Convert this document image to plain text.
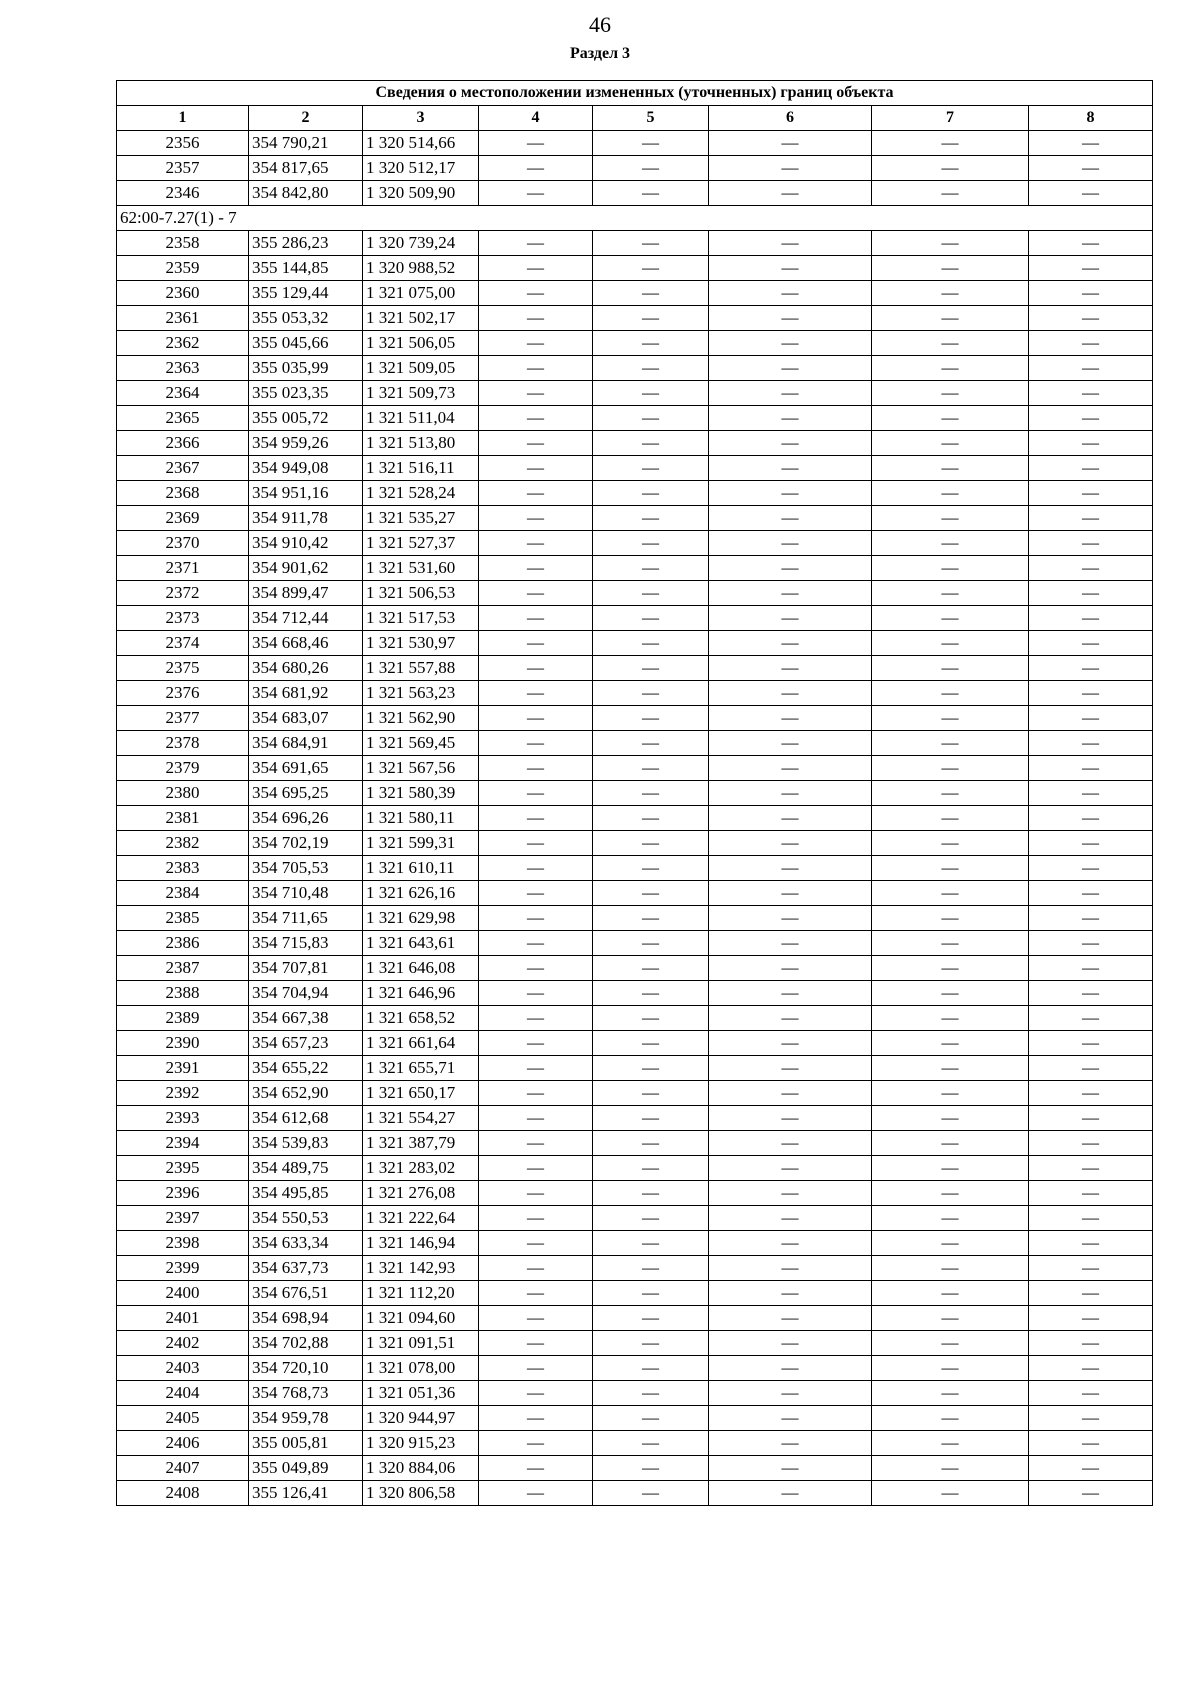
46
Раздел 3
Сведения о местоположении измененных (уточненных) границ объекта							
1	2	3	4	5	6	7	8
2356	354 790,21	1 320 514,66	—	—	—	—	—
2357	354 817,65	1 320 512,17	—	—	—	—	—
2346	354 842,80	1 320 509,90	—	—	—	—	—
62:00-7.27(1) - 7							
2358	355 286,23	1 320 739,24	—	—	—	—	—
2359	355 144,85	1 320 988,52	—	—	—	—	—
2360	355 129,44	1 321 075,00	—	—	—	—	—
2361	355 053,32	1 321 502,17	—	—	—	—	—
2362	355 045,66	1 321 506,05	—	—	—	—	—
2363	355 035,99	1 321 509,05	—	—	—	—	—
2364	355 023,35	1 321 509,73	—	—	—	—	—
2365	355 005,72	1 321 511,04	—	—	—	—	—
2366	354 959,26	1 321 513,80	—	—	—	—	—
2367	354 949,08	1 321 516,11	—	—	—	—	—
2368	354 951,16	1 321 528,24	—	—	—	—	—
2369	354 911,78	1 321 535,27	—	—	—	—	—
2370	354 910,42	1 321 527,37	—	—	—	—	—
2371	354 901,62	1 321 531,60	—	—	—	—	—
2372	354 899,47	1 321 506,53	—	—	—	—	—
2373	354 712,44	1 321 517,53	—	—	—	—	—
2374	354 668,46	1 321 530,97	—	—	—	—	—
2375	354 680,26	1 321 557,88	—	—	—	—	—
2376	354 681,92	1 321 563,23	—	—	—	—	—
2377	354 683,07	1 321 562,90	—	—	—	—	—
2378	354 684,91	1 321 569,45	—	—	—	—	—
2379	354 691,65	1 321 567,56	—	—	—	—	—
2380	354 695,25	1 321 580,39	—	—	—	—	—
2381	354 696,26	1 321 580,11	—	—	—	—	—
2382	354 702,19	1 321 599,31	—	—	—	—	—
2383	354 705,53	1 321 610,11	—	—	—	—	—
2384	354 710,48	1 321 626,16	—	—	—	—	—
2385	354 711,65	1 321 629,98	—	—	—	—	—
2386	354 715,83	1 321 643,61	—	—	—	—	—
2387	354 707,81	1 321 646,08	—	—	—	—	—
2388	354 704,94	1 321 646,96	—	—	—	—	—
2389	354 667,38	1 321 658,52	—	—	—	—	—
2390	354 657,23	1 321 661,64	—	—	—	—	—
2391	354 655,22	1 321 655,71	—	—	—	—	—
2392	354 652,90	1 321 650,17	—	—	—	—	—
2393	354 612,68	1 321 554,27	—	—	—	—	—
2394	354 539,83	1 321 387,79	—	—	—	—	—
2395	354 489,75	1 321 283,02	—	—	—	—	—
2396	354 495,85	1 321 276,08	—	—	—	—	—
2397	354 550,53	1 321 222,64	—	—	—	—	—
2398	354 633,34	1 321 146,94	—	—	—	—	—
2399	354 637,73	1 321 142,93	—	—	—	—	—
2400	354 676,51	1 321 112,20	—	—	—	—	—
2401	354 698,94	1 321 094,60	—	—	—	—	—
2402	354 702,88	1 321 091,51	—	—	—	—	—
2403	354 720,10	1 321 078,00	—	—	—	—	—
2404	354 768,73	1 321 051,36	—	—	—	—	—
2405	354 959,78	1 320 944,97	—	—	—	—	—
2406	355 005,81	1 320 915,23	—	—	—	—	—
2407	355 049,89	1 320 884,06	—	—	—	—	—
2408	355 126,41	1 320 806,58	—	—	—	—	—
